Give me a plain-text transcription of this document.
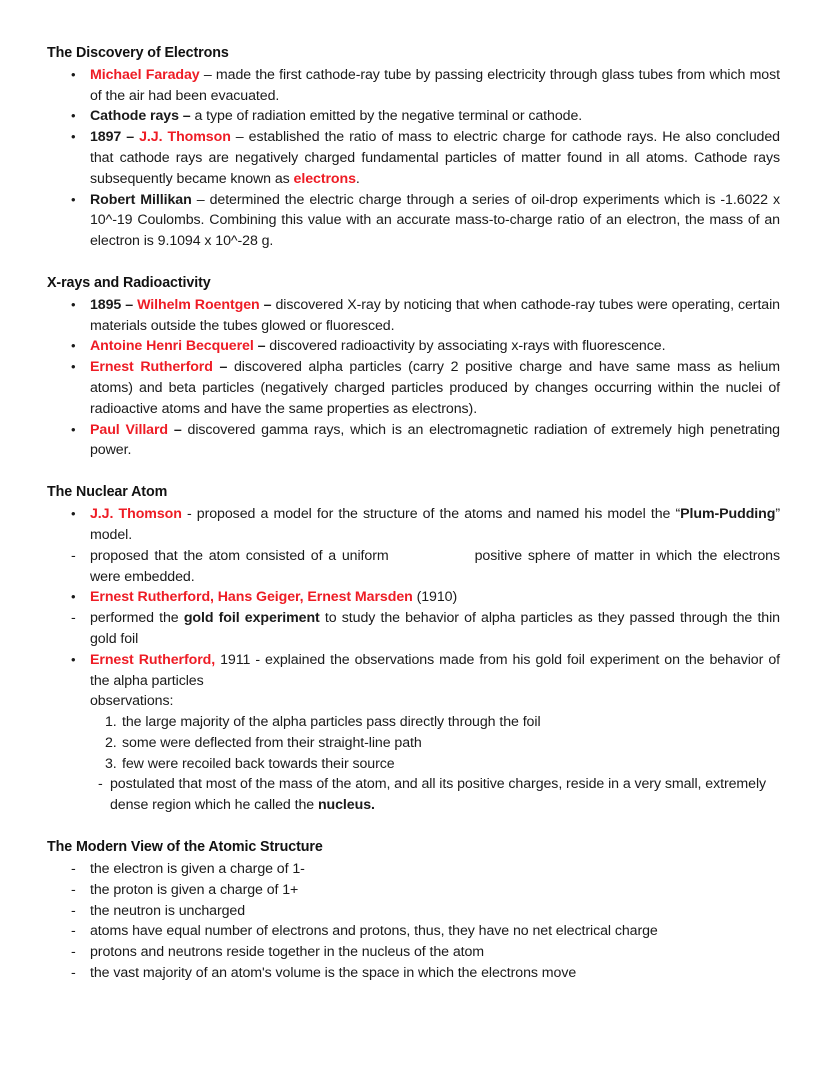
The Discovery of Electrons
•
Michael Faraday – made the first cathode-ray tube by passing electricity through glass tubes from which most of the air had been evacuated.
•
Cathode rays – a type of radiation emitted by the negative terminal or cathode.
•
1897 – J.J. Thomson – established the ratio of mass to electric charge for cathode rays. He also concluded that cathode rays are negatively charged fundamental particles of matter found in all atoms. Cathode rays subsequently became known as electrons.
•
Robert Millikan – determined the electric charge through a series of oil-drop experiments which is -1.6022 x 10^-19 Coulombs. Combining this value with an accurate mass-to-charge ratio of an electron, the mass of an electron is 9.1094 x 10^-28 g.
X-rays and Radioactivity
•
1895 – Wilhelm Roentgen – discovered X-ray by noticing that when cathode-ray tubes were operating, certain materials outside the tubes glowed or fluoresced.
•
Antoine Henri Becquerel – discovered radioactivity by associating x-rays with fluorescence.
•
Ernest Rutherford – discovered alpha particles (carry 2 positive charge and have same mass as helium atoms) and beta particles (negatively charged particles produced by changes occurring within the nuclei of radioactive atoms and have the same properties as electrons).
•
Paul Villard – discovered gamma rays, which is an electromagnetic radiation of extremely high penetrating power.
The Nuclear Atom
•
J.J. Thomson - proposed a model for the structure of the atoms and named his model the “Plum-Pudding” model.
-
proposed that the atom consisted of a uniform	positive sphere of matter in which the electrons were embedded.
•
Ernest Rutherford, Hans Geiger, Ernest Marsden (1910)
-
performed the gold foil experiment to study the behavior of alpha particles as they passed through the thin gold foil
•
Ernest Rutherford, 1911 - explained the observations made from his gold foil experiment on the behavior of the alpha particles
observations:
1. the large majority of the alpha particles pass directly through the foil
2. some were deflected from their straight-line path
3. few were recoiled back towards their source
- postulated that most of the mass of the atom, and all its positive charges, reside in a very small, extremely dense region which he called the nucleus.
The Modern View of the Atomic Structure
-
the electron is given a charge of 1-
-
the proton is given a charge of 1+
-
the neutron is uncharged
-
atoms have equal number of electrons and protons, thus, they have no net electrical charge
-
protons and neutrons reside together in the nucleus of the atom
-
the vast majority of an atom's volume is the space in which the electrons move
